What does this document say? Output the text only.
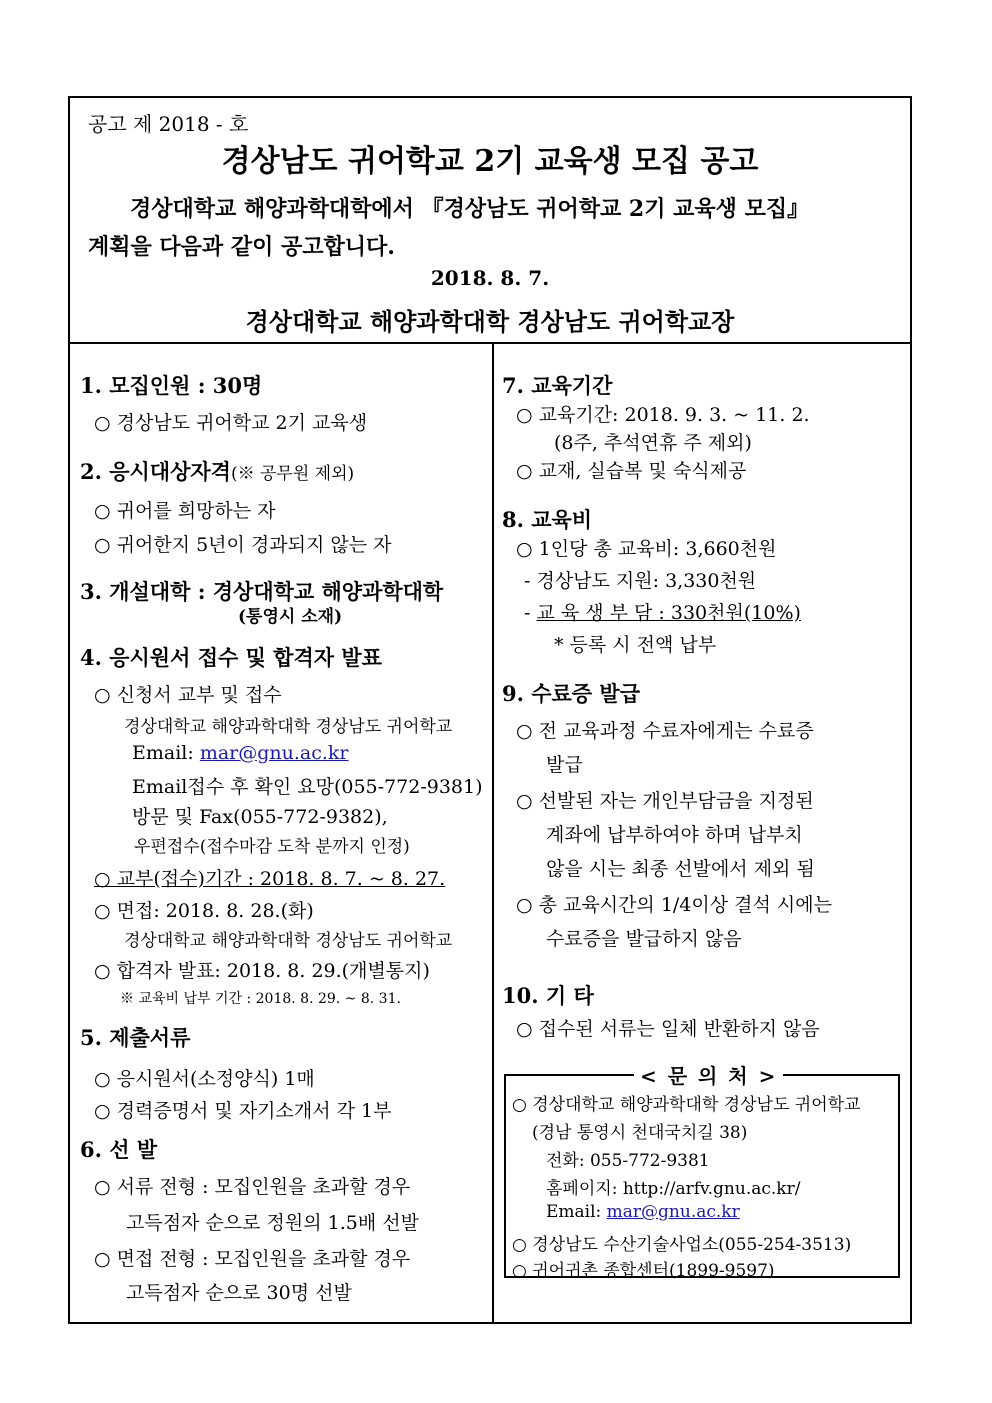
공고 제 2018 - 호
경상남도 귀어학교 2기 교육생 모집 공고
경상대학교 해양과학대학에서 『경상남도 귀어학교 2기 교육생 모집』
계획을 다음과 같이 공고합니다.
2018. 8. 7.
경상대학교 해양과학대학 경상남도 귀어학교장
1. 모집인원 : 30명
○ 경상남도 귀어학교 2기 교육생
2. 응시대상자격(※ 공무원 제외)
○ 귀어를 희망하는 자
○ 귀어한지 5년이 경과되지 않는 자
3. 개설대학 : 경상대학교 해양과학대학
(통영시 소재)
4. 응시원서 접수 및 합격자 발표
○ 신청서 교부 및 접수
경상대학교 해양과학대학 경상남도 귀어학교
Email: mar@gnu.ac.kr
Email접수 후 확인 요망(055-772-9381)
방문 및 Fax(055-772-9382),
우편접수(접수마감 도착 분까지 인정)
○ 교부(접수)기간 : 2018. 8. 7. ~ 8. 27.
○ 면접: 2018. 8. 28.(화)
경상대학교 해양과학대학 경상남도 귀어학교
○ 합격자 발표: 2018. 8. 29.(개별통지)
※ 교육비 납부 기간 : 2018. 8. 29. ~ 8. 31.
5. 제출서류
○ 응시원서(소정양식) 1매
○ 경력증명서 및 자기소개서 각 1부
6. 선 발
○ 서류 전형 : 모집인원을 초과할 경우
고득점자 순으로 정원의 1.5배 선발
○ 면접 전형 : 모집인원을 초과할 경우
고득점자 순으로 30명 선발
7. 교육기간
○ 교육기간: 2018. 9. 3. ~ 11. 2.
(8주, 추석연휴 주 제외)
○ 교재, 실습복 및 숙식제공
8. 교육비
○ 1인당 총 교육비: 3,660천원
- 경상남도 지원: 3,330천원
- 교 육 생 부 담 : 330천원(10%)
* 등록 시 전액 납부
9. 수료증 발급
○ 전 교육과정 수료자에게는 수료증
발급
○ 선발된 자는 개인부담금을 지정된
계좌에 납부하여야 하며 납부치
않을 시는 최종 선발에서 제외 됨
○ 총 교육시간의 1/4이상 결석 시에는
수료증을 발급하지 않음
10. 기 타
○ 접수된 서류는 일체 반환하지 않음
< 문 의 처 >
○ 경상대학교 해양과학대학 경상남도 귀어학교
(경남 통영시 천대국치길 38)
전화: 055-772-9381
홈페이지: http://arfv.gnu.ac.kr/
Email: mar@gnu.ac.kr
○ 경상남도 수산기술사업소(055-254-3513)
○ 귀어귀촌 종합센터(1899-9597)
